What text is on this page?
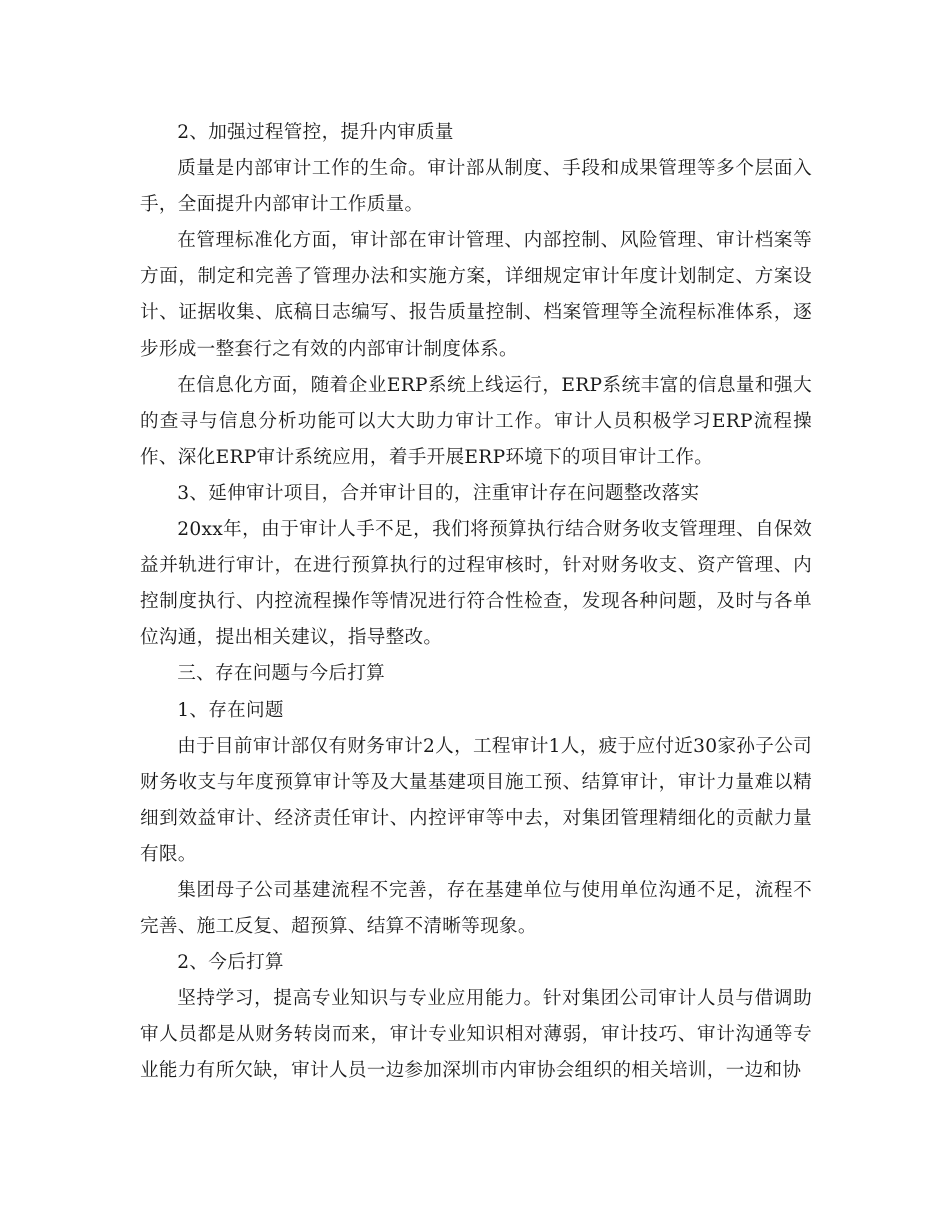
2、加强过程管控，提升内审质量

质量是内部审计工作的生命。审计部从制度、手段和成果管理等多个层面入手，全面提升内部审计工作质量。

在管理标准化方面，审计部在审计管理、内部控制、风险管理、审计档案等方面，制定和完善了管理办法和实施方案，详细规定审计年度计划制定、方案设计、证据收集、底稿日志编写、报告质量控制、档案管理等全流程标准体系，逐步形成一整套行之有效的内部审计制度体系。

在信息化方面，随着企业ERP系统上线运行，ERP系统丰富的信息量和强大的查寻与信息分析功能可以大大助力审计工作。审计人员积极学习ERP流程操作、深化ERP审计系统应用，着手开展ERP环境下的项目审计工作。

3、延伸审计项目，合并审计目的，注重审计存在问题整改落实

20xx年，由于审计人手不足，我们将预算执行结合财务收支管理理、自保效益并轨进行审计，在进行预算执行的过程审核时，针对财务收支、资产管理、内控制度执行、内控流程操作等情况进行符合性检查，发现各种问题，及时与各单位沟通，提出相关建议，指导整改。

三、存在问题与今后打算

1、存在问题

由于目前审计部仅有财务审计2人，工程审计1人，疲于应付近30家孙子公司财务收支与年度预算审计等及大量基建项目施工预、结算审计，审计力量难以精细到效益审计、经济责任审计、内控评审等中去，对集团管理精细化的贡献力量有限。

集团母子公司基建流程不完善，存在基建单位与使用单位沟通不足，流程不完善、施工反复、超预算、结算不清晰等现象。

2、今后打算

坚持学习，提高专业知识与专业应用能力。针对集团公司审计人员与借调助审人员都是从财务转岗而来，审计专业知识相对薄弱，审计技巧、审计沟通等专业能力有所欠缺，审计人员一边参加深圳市内审协会组织的相关培训，一边和协
